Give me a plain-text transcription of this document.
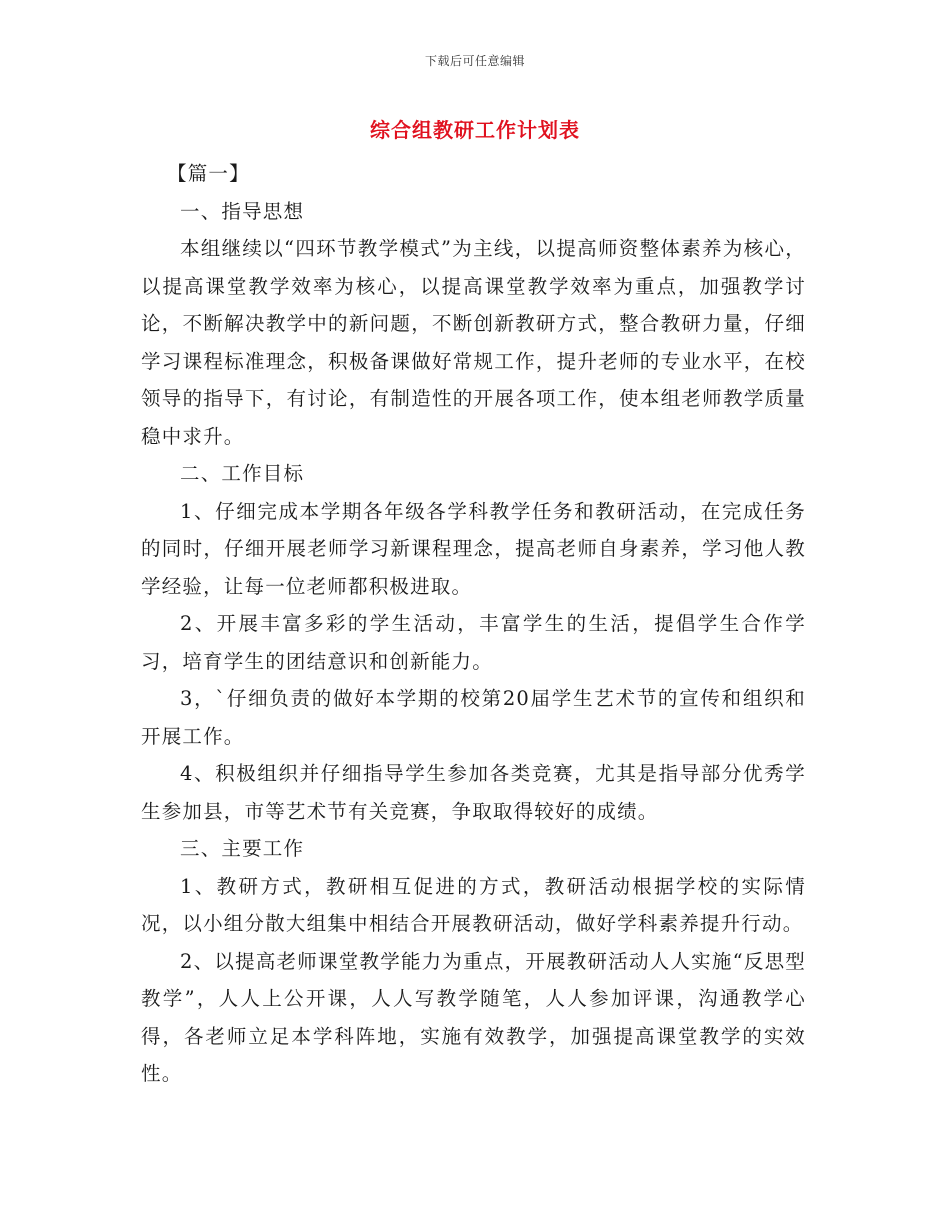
下载后可任意编辑
综合组教研工作计划表

【篇一】

一、指导思想

本组继续以“四环节教学模式”为主线，以提高师资整体素养为核心，以提高课堂教学效率为核心，以提高课堂教学效率为重点，加强教学讨论，不断解决教学中的新问题，不断创新教研方式，整合教研力量，仔细学习课程标准理念，积极备课做好常规工作，提升老师的专业水平，在校领导的指导下，有讨论，有制造性的开展各项工作，使本组老师教学质量稳中求升。

二、工作目标

1、仔细完成本学期各年级各学科教学任务和教研活动，在完成任务的同时，仔细开展老师学习新课程理念，提高老师自身素养，学习他人教学经验，让每一位老师都积极进取。

2、开展丰富多彩的学生活动，丰富学生的生活，提倡学生合作学习，培育学生的团结意识和创新能力。

3，`仔细负责的做好本学期的校第20届学生艺术节的宣传和组织和开展工作。

4、积极组织并仔细指导学生参加各类竞赛，尤其是指导部分优秀学生参加县，市等艺术节有关竞赛，争取取得较好的成绩。

三、主要工作

1、教研方式，教研相互促进的方式，教研活动根据学校的实际情况，以小组分散大组集中相结合开展教研活动，做好学科素养提升行动。

2、以提高老师课堂教学能力为重点，开展教研活动人人实施“反思型教学”，人人上公开课，人人写教学随笔，人人参加评课，沟通教学心得，各老师立足本学科阵地，实施有效教学，加强提高课堂教学的实效性。
